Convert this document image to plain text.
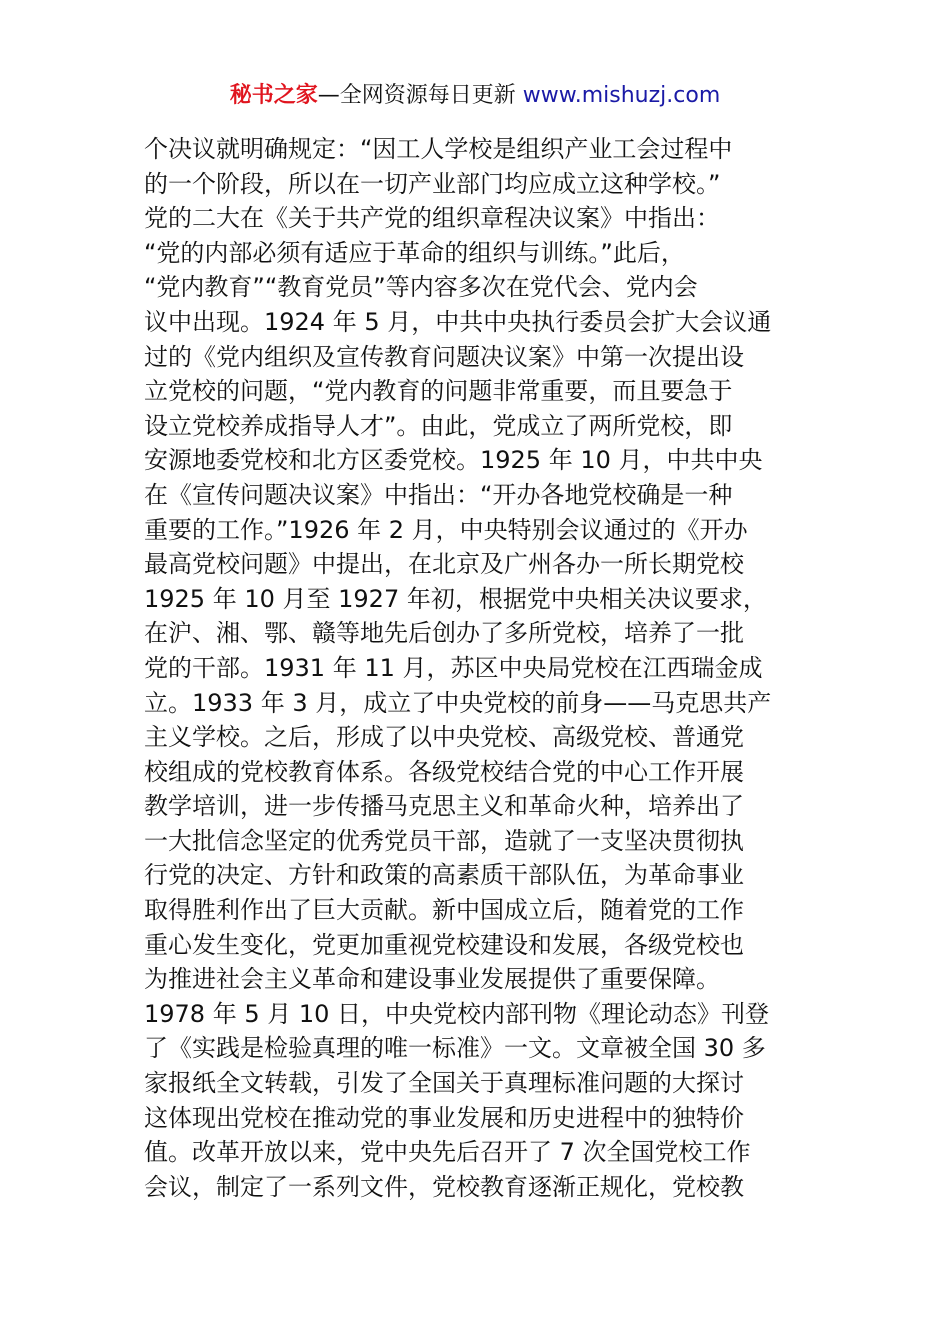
秘书之家—全网资源每日更新 www.mishuzj.com
个决议就明确规定：“因工人学校是组织产业工会过程中
的一个阶段，所以在一切产业部门均应成立这种学校。”
党的二大在《关于共产党的组织章程决议案》中指出：
“党的内部必须有适应于革命的组织与训练。”此后，
“党内教育”“教育党员”等内容多次在党代会、党内会
议中出现。1924 年 5 月，中共中央执行委员会扩大会议通
过的《党内组织及宣传教育问题决议案》中第一次提出设
立党校的问题，“党内教育的问题非常重要，而且要急于
设立党校养成指导人才”。由此，党成立了两所党校，即
安源地委党校和北方区委党校。1925 年 10 月，中共中央
在《宣传问题决议案》中指出：“开办各地党校确是一种
重要的工作。”1926 年 2 月，中央特别会议通过的《开办
最高党校问题》中提出，在北京及广州各办一所长期党校
1925 年 10 月至 1927 年初，根据党中央相关决议要求，
在沪、湘、鄂、赣等地先后创办了多所党校，培养了一批
党的干部。1931 年 11 月，苏区中央局党校在江西瑞金成
立。1933 年 3 月，成立了中央党校的前身——马克思共产
主义学校。之后，形成了以中央党校、高级党校、普通党
校组成的党校教育体系。各级党校结合党的中心工作开展
教学培训，进一步传播马克思主义和革命火种，培养出了
一大批信念坚定的优秀党员干部，造就了一支坚决贯彻执
行党的决定、方针和政策的高素质干部队伍，为革命事业
取得胜利作出了巨大贡献。新中国成立后，随着党的工作
重心发生变化，党更加重视党校建设和发展，各级党校也
为推进社会主义革命和建设事业发展提供了重要保障。
1978 年 5 月 10 日，中央党校内部刊物《理论动态》刊登
了《实践是检验真理的唯一标准》一文。文章被全国 30 多
家报纸全文转载，引发了全国关于真理标准问题的大探讨
这体现出党校在推动党的事业发展和历史进程中的独特价
值。改革开放以来，党中央先后召开了 7 次全国党校工作
会议，制定了一系列文件，党校教育逐渐正规化，党校教
